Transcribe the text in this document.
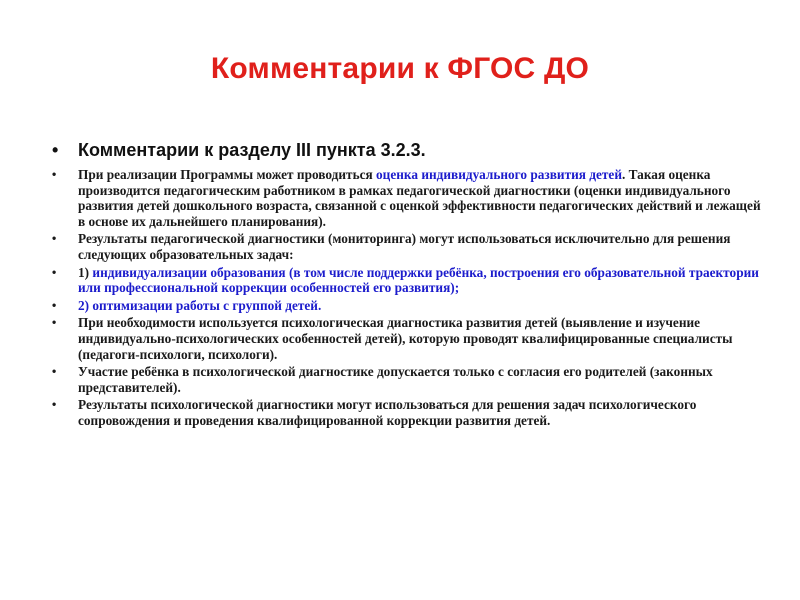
Комментарии к ФГОС ДО
•	Комментарии к разделу III пункта 3.2.3.
•	При реализации Программы может проводиться оценка индивидуального развития детей. Такая оценка производится педагогическим работником в рамках педагогической диагностики (оценки индивидуального развития детей дошкольного возраста, связанной с оценкой эффективности педагогических действий и лежащей в основе их дальнейшего планирования).
•	Результаты педагогической диагностики (мониторинга) могут использоваться исключительно для решения следующих образовательных задач:
•	1) индивидуализации образования (в том числе поддержки ребёнка, построения его образовательной траектории или профессиональной коррекции особенностей его развития);
•	2) оптимизации работы с группой детей.
•	При необходимости используется психологическая диагностика развития детей (выявление и изучение индивидуально-психологических особенностей детей), которую проводят квалифицированные специалисты (педагоги-психологи, психологи).
•	Участие ребёнка в психологической диагностике допускается только с согласия его родителей (законных представителей).
•	Результаты психологической диагностики могут использоваться для решения задач психологического сопровождения и проведения квалифицированной коррекции развития детей.
